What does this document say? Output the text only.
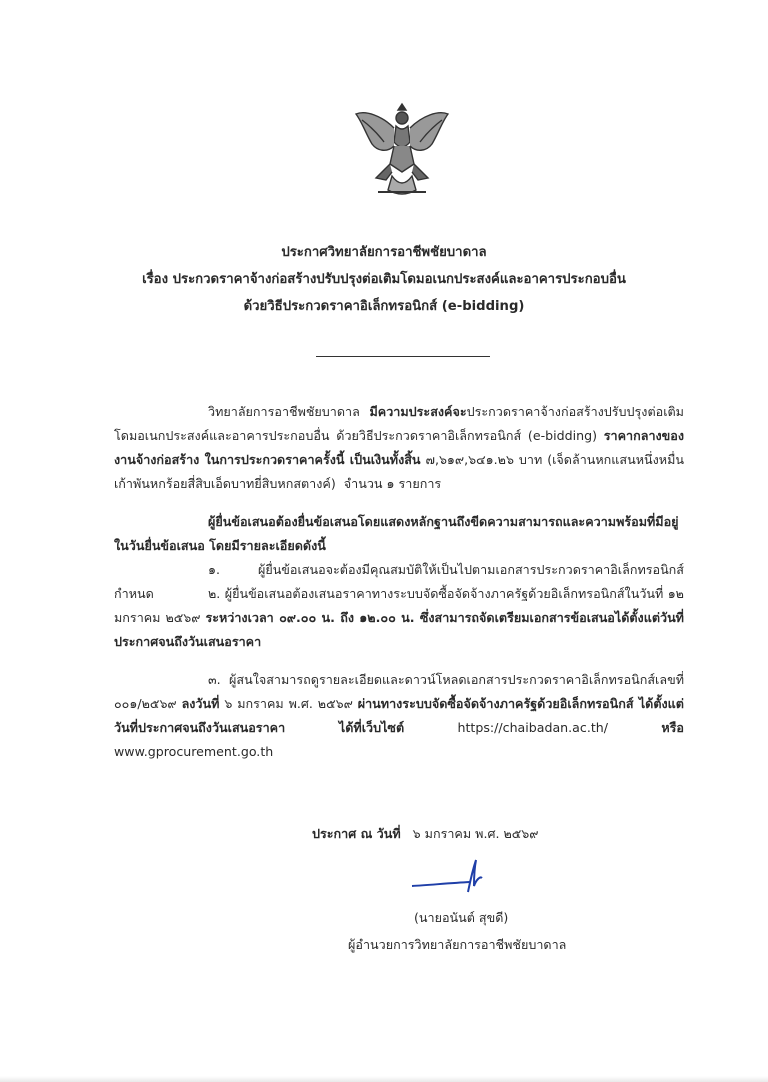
ประกาศวิทยาลัยการอาชีพชัยบาดาล
เรื่อง ประกวดราคาจ้างก่อสร้างปรับปรุงต่อเติมโดมอเนกประสงค์และอาคารประกอบอื่น
ด้วยวิธีประกวดราคาอิเล็กทรอนิกส์ (e-bidding)
วิทยาลัยการอาชีพชัยบาดาล มีความประสงค์จะประกวดราคาจ้างก่อสร้างปรับปรุงต่อเติม โดมอเนกประสงค์และอาคารประกอบอื่น ด้วยวิธีประกวดราคาอิเล็กทรอนิกส์ (e-bidding) ราคากลางของงานจ้างก่อสร้าง ในการประกวดราคาครั้งนี้ เป็นเงินทั้งสิ้น ๗,๖๑๙,๖๔๑.๒๖ บาท (เจ็ดล้านหกแสนหนึ่งหมื่นเก้าพันหกร้อยสี่สิบเอ็ดบาทยี่สิบหกสตางค์) จำนวน ๑ รายการ
ผู้ยื่นข้อเสนอต้องยื่นข้อเสนอโดยแสดงหลักฐานถึงขีดความสามารถและความพร้อมที่มีอยู่ในวันยื่นข้อเสนอ โดยมีรายละเอียดดังนี้
๑. ผู้ยื่นข้อเสนอจะต้องมีคุณสมบัติให้เป็นไปตามเอกสารประกวดราคาอิเล็กทรอนิกส์กำหนด	๒. ผู้ยื่นข้อเสนอต้องเสนอราคาทางระบบจัดซื้อจัดจ้างภาครัฐด้วยอิเล็กทรอนิกส์ในวันที่ ๑๒ มกราคม ๒๕๖๙ ระหว่างเวลา ๐๙.๐๐ น. ถึง ๑๒.๐๐ น. ซึ่งสามารถจัดเตรียมเอกสารข้อเสนอได้ตั้งแต่วันที่ประกาศจนถึงวันเสนอราคา
๓. ผู้สนใจสามารถดูรายละเอียดและดาวน์โหลดเอกสารประกวดราคาอิเล็กทรอนิกส์เลขที่ ๐๐๑/๒๕๖๙ ลงวันที่ ๖ มกราคม พ.ศ. ๒๕๖๙ ผ่านทางระบบจัดซื้อจัดจ้างภาครัฐด้วยอิเล็กทรอนิกส์ ได้ตั้งแต่วันที่ประกาศจนถึงวันเสนอราคา ได้ที่เว็บไซต์	https://chaibadan.ac.th/	หรือ www.gprocurement.go.th
ประกาศ ณ วันที่ ๖ มกราคม พ.ศ. ๒๕๖๙
(นายอนันต์ สุขดี)
ผู้อำนวยการวิทยาลัยการอาชีพชัยบาดาล
